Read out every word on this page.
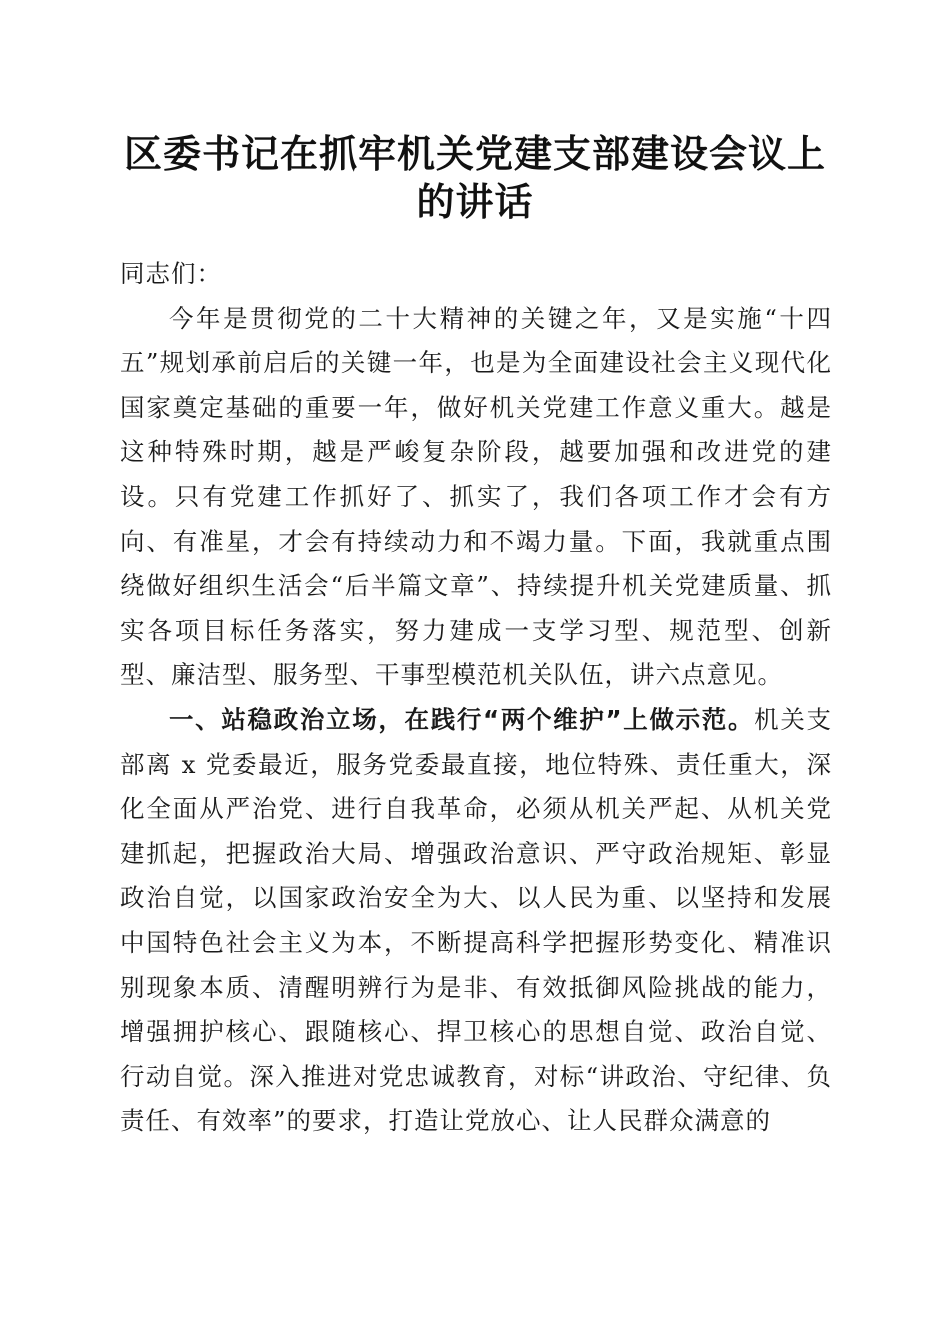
区委书记在抓牢机关党建支部建设会议上的讲话

同志们：

今年是贯彻党的二十大精神的关键之年，又是实施“十四五”规划承前启后的关键一年，也是为全面建设社会主义现代化国家奠定基础的重要一年，做好机关党建工作意义重大。越是这种特殊时期，越是严峻复杂阶段，越要加强和改进党的建设。只有党建工作抓好了、抓实了，我们各项工作才会有方向、有准星，才会有持续动力和不竭力量。下面，我就重点围绕做好组织生活会“后半篇文章”、持续提升机关党建质量、抓实各项目标任务落实，努力建成一支学习型、规范型、创新型、廉洁型、服务型、干事型模范机关队伍，讲六点意见。

一、站稳政治立场，在践行“两个维护”上做示范。机关支部离 x 党委最近，服务党委最直接，地位特殊、责任重大，深化全面从严治党、进行自我革命，必须从机关严起、从机关党建抓起，把握政治大局、增强政治意识、严守政治规矩、彰显政治自觉，以国家政治安全为大、以人民为重、以坚持和发展中国特色社会主义为本，不断提高科学把握形势变化、精准识别现象本质、清醒明辨行为是非、有效抵御风险挑战的能力，增强拥护核心、跟随核心、捍卫核心的思想自觉、政治自觉、行动自觉。深入推进对党忠诚教育，对标“讲政治、守纪律、负责任、有效率”的要求，打造让党放心、让人民群众满意的
